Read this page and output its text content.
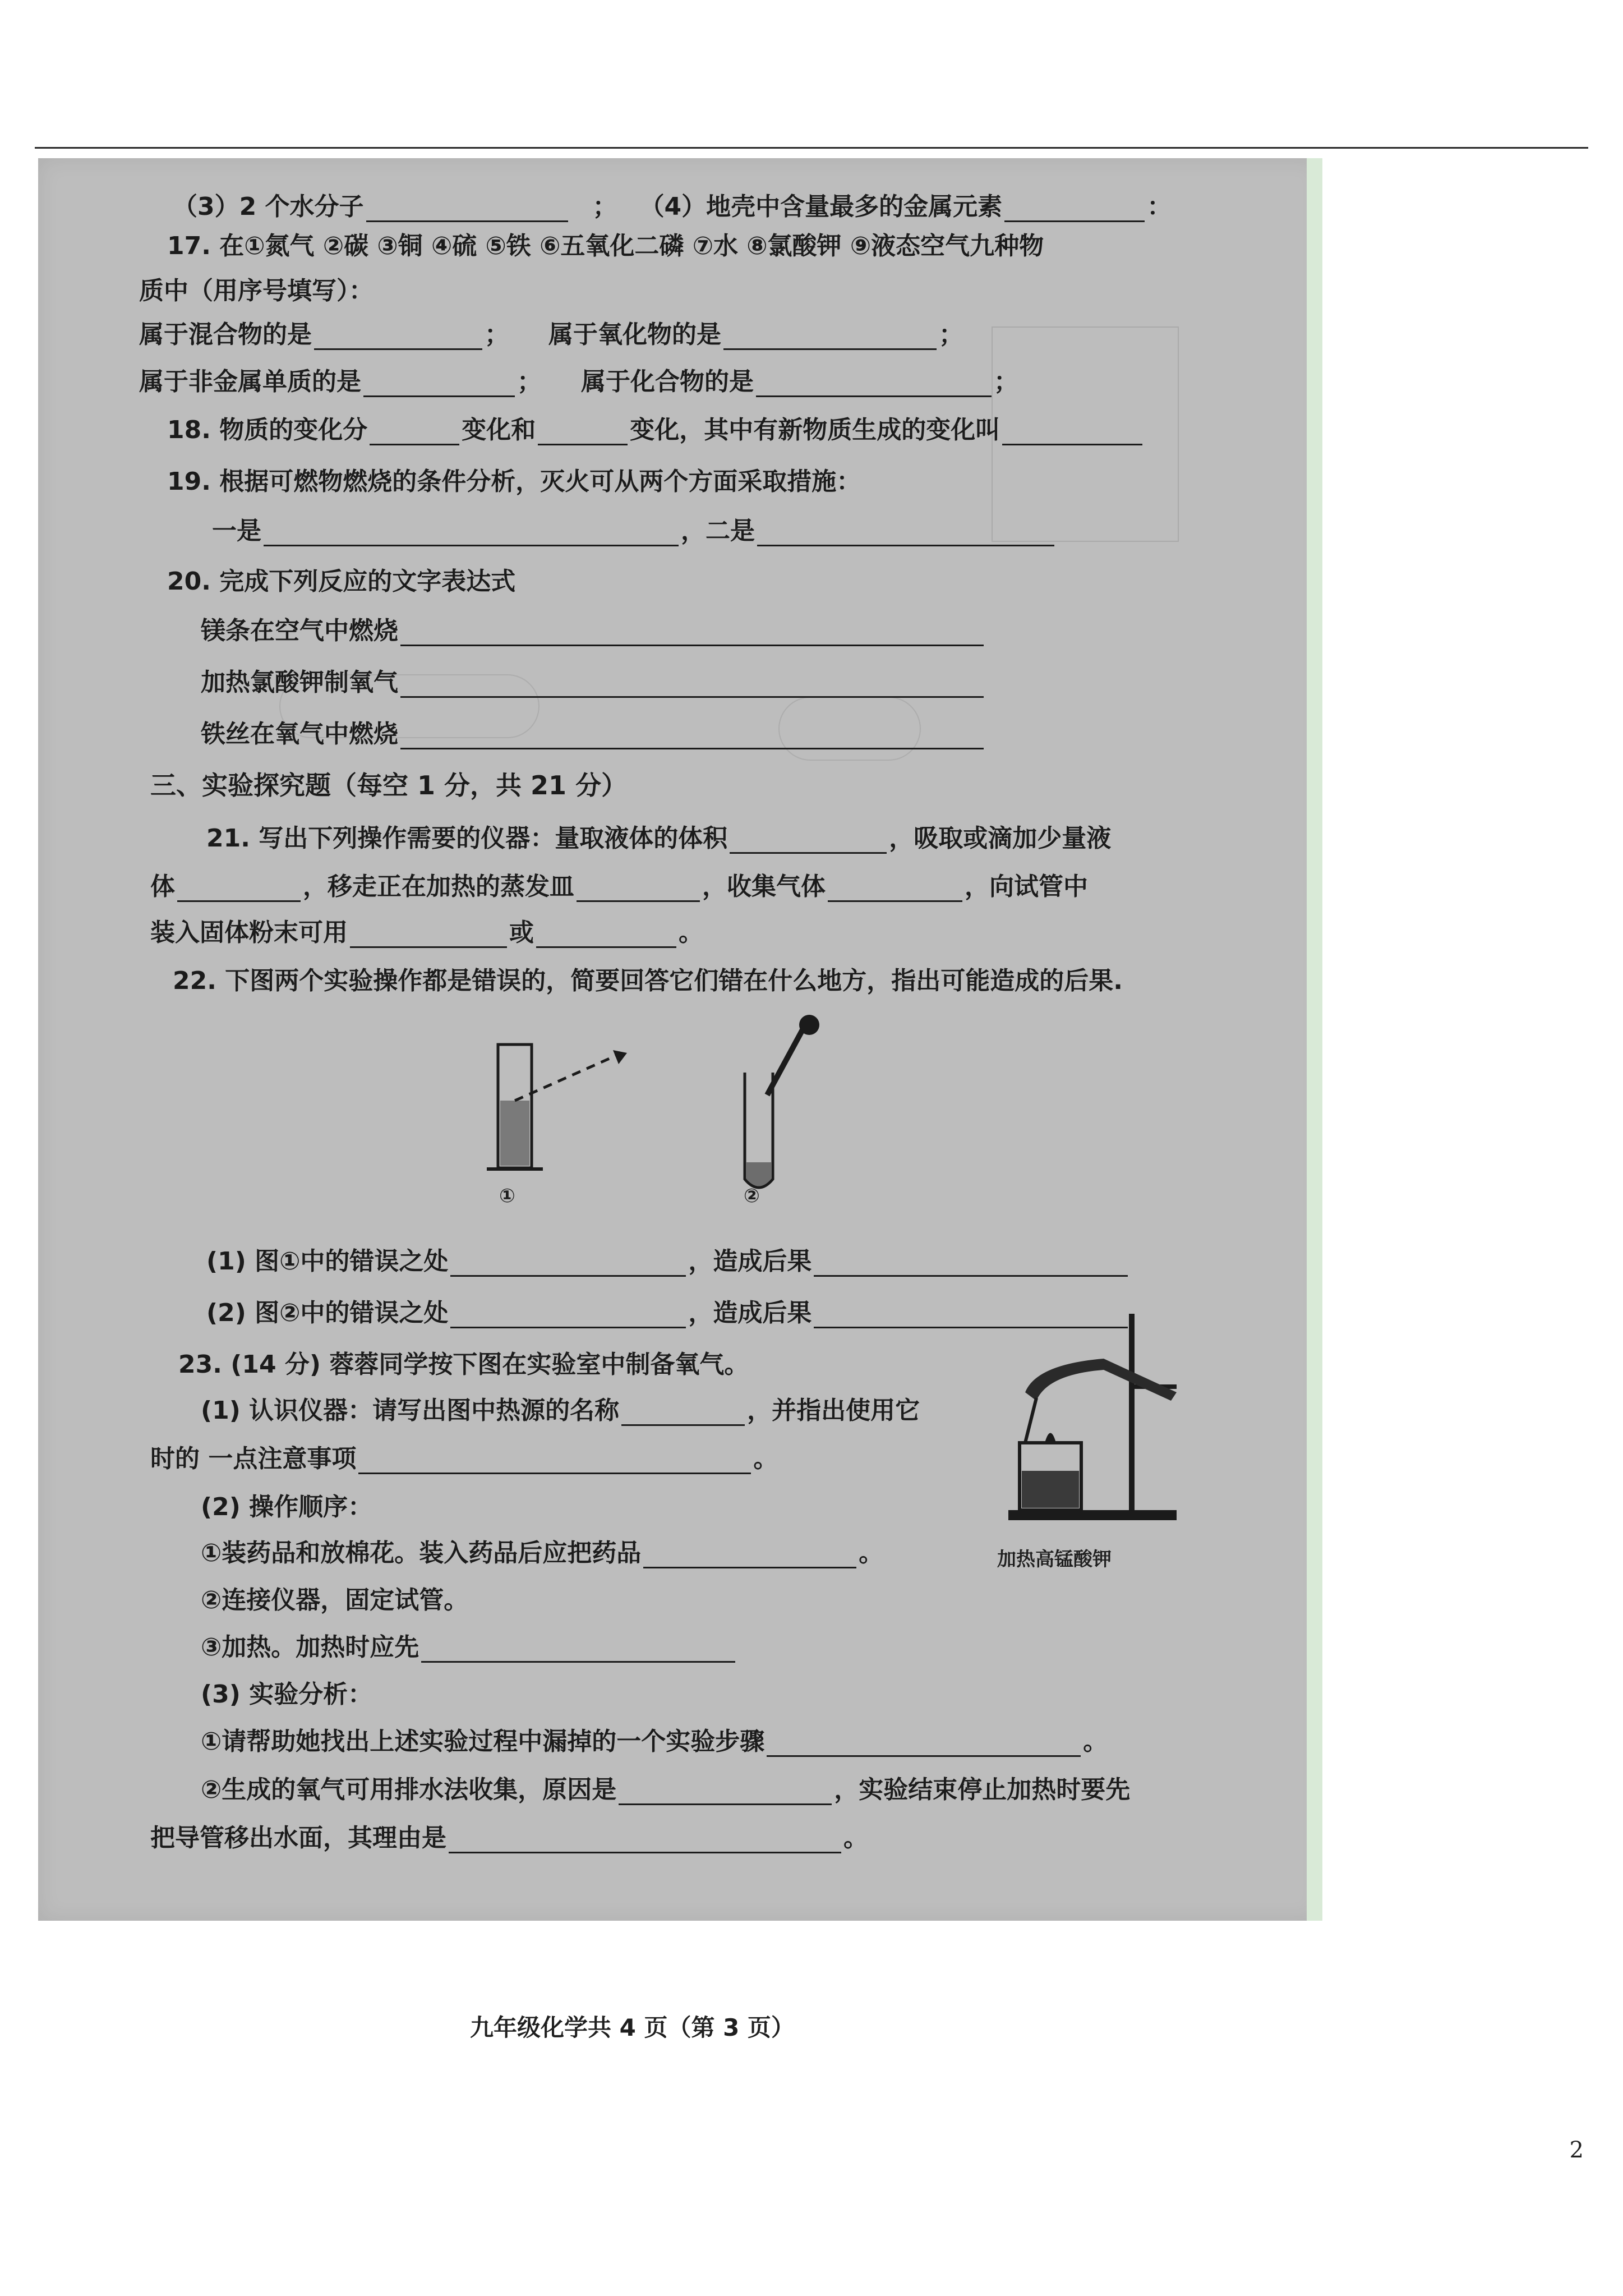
（3）2 个水分子	； （4）地壳中含量最多的金属元素	：
17. 在①氮气 ②碳 ③铜 ④硫 ⑤铁 ⑥五氧化二磷 ⑦水 ⑧氯酸钾 ⑨液态空气九种物
质中（用序号填写）：
属于混合物的是	； 属于氧化物的是	；
属于非金属单质的是	； 属于化合物的是	；
18. 物质的变化分	变化和	变化，其中有新物质生成的变化叫
19. 根据可燃物燃烧的条件分析，灭火可从两个方面采取措施：
一是	，二是
20. 完成下列反应的文字表达式
镁条在空气中燃烧
加热氯酸钾制氧气
铁丝在氧气中燃烧
三、实验探究题（每空 1 分，共 21 分）
21. 写出下列操作需要的仪器：量取液体的体积	，吸取或滴加少量液
体	，移走正在加热的蒸发皿	，收集气体	，向试管中
装入固体粉末可用	或	。
22. 下图两个实验操作都是错误的，简要回答它们错在什么地方，指出可能造成的后果.
①	②
(1) 图①中的错误之处	，造成后果
(2) 图②中的错误之处	，造成后果
23. (14 分) 蓉蓉同学按下图在实验室中制备氧气。
(1) 认识仪器：请写出图中热源的名称	，并指出使用它
时的 一点注意事项	。
(2) 操作顺序：
①装药品和放棉花。装入药品后应把药品	。
②连接仪器，固定试管。
③加热。加热时应先
(3) 实验分析：
①请帮助她找出上述实验过程中漏掉的一个实验步骤	。
②生成的氧气可用排水法收集，原因是	，实验结束停止加热时要先
把导管移出水面，其理由是	。
加热高锰酸钾
九年级化学共 4 页（第 3 页）
2
